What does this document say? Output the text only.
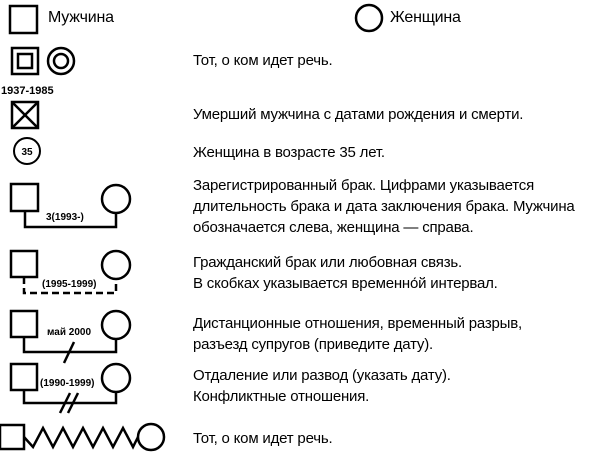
1937-1985
35
3(1993-)
(1995-1999)
май 2000
(1990-1999)
Мужчина	Женщина
Тот, о ком идет речь.
Умерший мужчина с датами рождения и смерти.
Женщина в возрасте 35 лет.
Зарегистрированный брак. Цифрами указывается
длительность брака и дата заключения брака. Мужчина
обозначается слева, женщина — справа.
Гражданский брак или любовная связь.
В скобках указывается временно́й интервал.
Дистанционные отношения, временный разрыв,
разъезд супругов (приведите дату).
Отдаление или развод (указать дату).
Конфликтные отношения.
Тот, о ком идет речь.
